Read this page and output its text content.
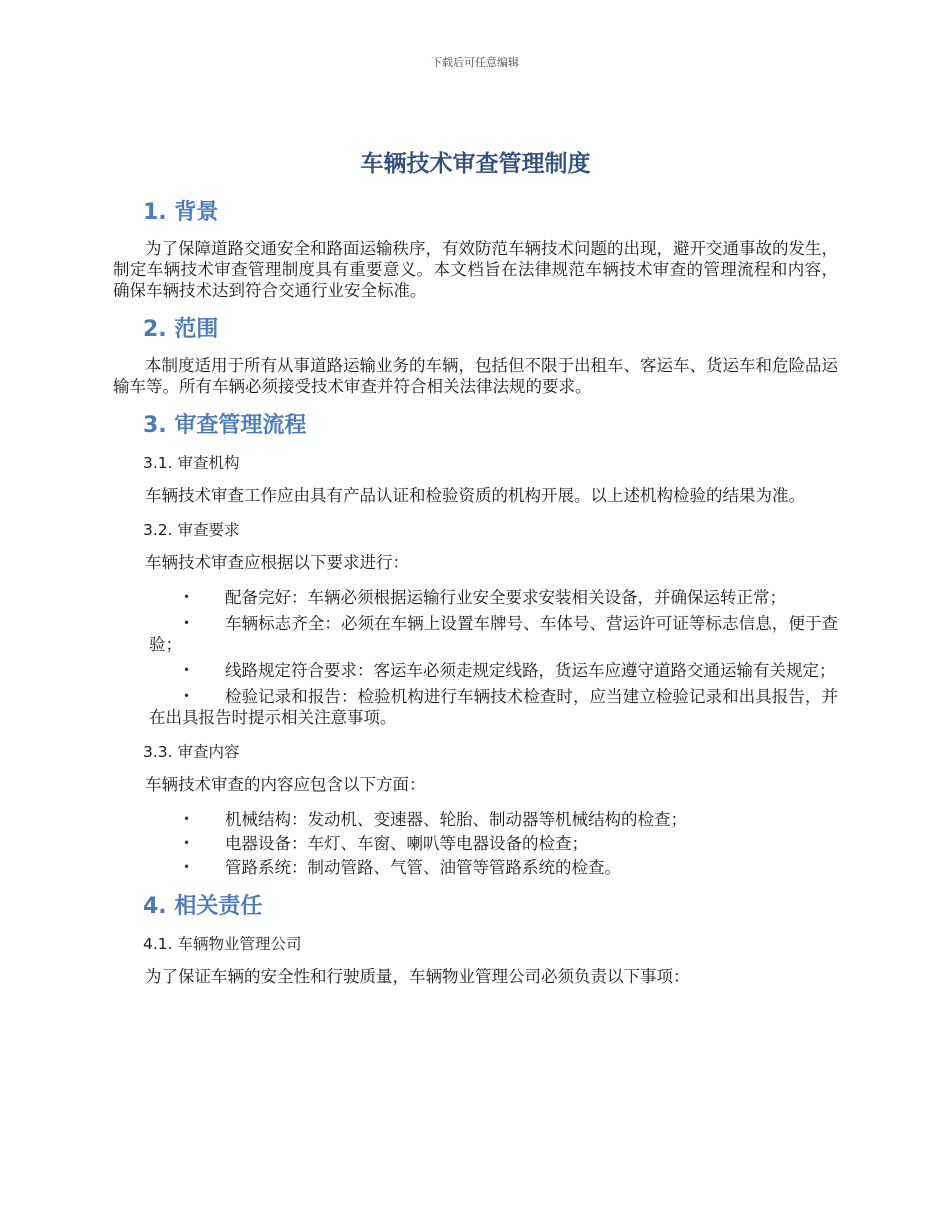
下载后可任意编辑
车辆技术审查管理制度
1. 背景

为了保障道路交通安全和路面运输秩序，有效防范车辆技术问题的出现，避开交通事故的发生，制定车辆技术审查管理制度具有重要意义。本文档旨在法律规范车辆技术审查的管理流程和内容，确保车辆技术达到符合交通行业安全标准。

2. 范围

本制度适用于所有从事道路运输业务的车辆，包括但不限于出租车、客运车、货运车和危险品运输车等。所有车辆必须接受技术审查并符合相关法律法规的要求。

3. 审查管理流程
3.1. 审查机构

车辆技术审查工作应由具有产品认证和检验资质的机构开展。以上述机构检验的结果为准。

3.2. 审查要求

车辆技术审查应根据以下要求进行：

• 配备完好：车辆必须根据运输行业安全要求安装相关设备，并确保运转正常；
• 车辆标志齐全：必须在车辆上设置车牌号、车体号、营运许可证等标志信息，便于查验；
• 线路规定符合要求：客运车必须走规定线路，货运车应遵守道路交通运输有关规定；
• 检验记录和报告：检验机构进行车辆技术检查时，应当建立检验记录和出具报告，并在出具报告时提示相关注意事项。
3.3. 审查内容

车辆技术审查的内容应包含以下方面：

• 机械结构：发动机、变速器、轮胎、制动器等机械结构的检查；
• 电器设备：车灯、车窗、喇叭等电器设备的检查；
• 管路系统：制动管路、气管、油管等管路系统的检查。
4. 相关责任
4.1. 车辆物业管理公司

为了保证车辆的安全性和行驶质量，车辆物业管理公司必须负责以下事项：
